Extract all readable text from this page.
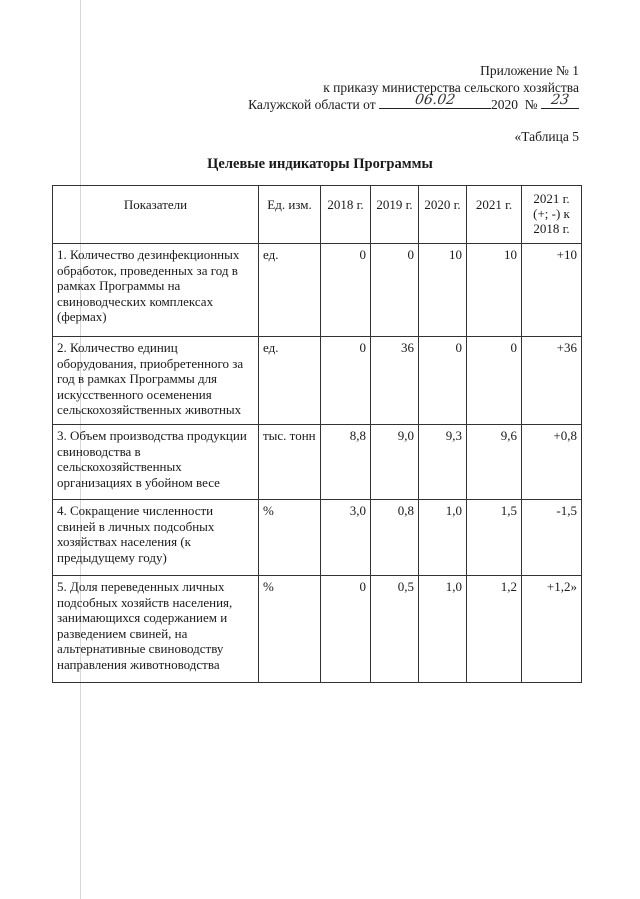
Приложение № 1
к приказу министерства сельского хозяйства
Калужской области от	06.02	2020 № 23
«Таблица 5
Целевые индикаторы Программы
Показатели	Ед. изм.	2018 г.	2019 г.	2020 г.	2021 г.	2021 г. (+; -) к 2018 г.
1. Количество дезинфекционных обработок, проведенных за год в рамках Программы на свиноводческих комплексах (фермах)	ед.	0	0	10	10	+10
2. Количество единиц оборудования, приобретенного за год в рамках Программы для искусственного осеменения сельскохозяйственных животных	ед.	0	36	0	0	+36
3. Объем производства продукции свиноводства в сельскохозяйственных организациях в убойном весе	тыс. тонн	8,8	9,0	9,3	9,6	+0,8
4. Сокращение численности свиней в личных подсобных хозяйствах населения (к предыдущему году)	%	3,0	0,8	1,0	1,5	-1,5
5. Доля переведенных личных подсобных хозяйств населения, занимающихся содержанием и разведением свиней, на альтернативные свиноводству направления животноводства	%	0	0,5	1,0	1,2	+1,2»
